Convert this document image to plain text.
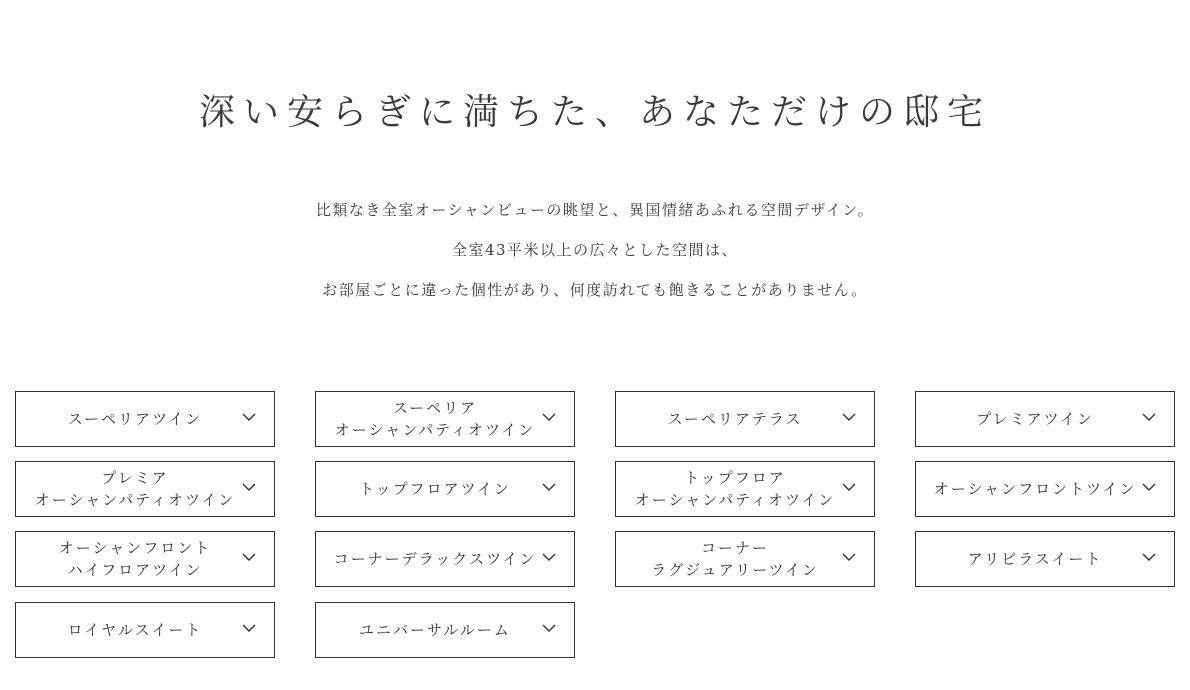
深い安らぎに満ちた、あなただけの邸宅

比類なき全室オーシャンビューの眺望と、異国情緒あふれる空間デザイン。

全室43平米以上の広々とした空間は、

お部屋ごとに違った個性があり、何度訪れても飽きることがありません。

スーペリアツイン
スーペリア
オーシャンパティオツイン
スーペリアテラス	プレミアツイン
プレミア
オーシャンパティオツイン
トップフロアツイン
トップフロア
オーシャンパティオツイン
オーシャンフロントツイン
オーシャンフロント
ハイフロアツイン
コーナーデラックスツイン
コーナー
ラグジュアリーツイン
アリビラスイート
ロイヤルスイート	ユニバーサルルーム
